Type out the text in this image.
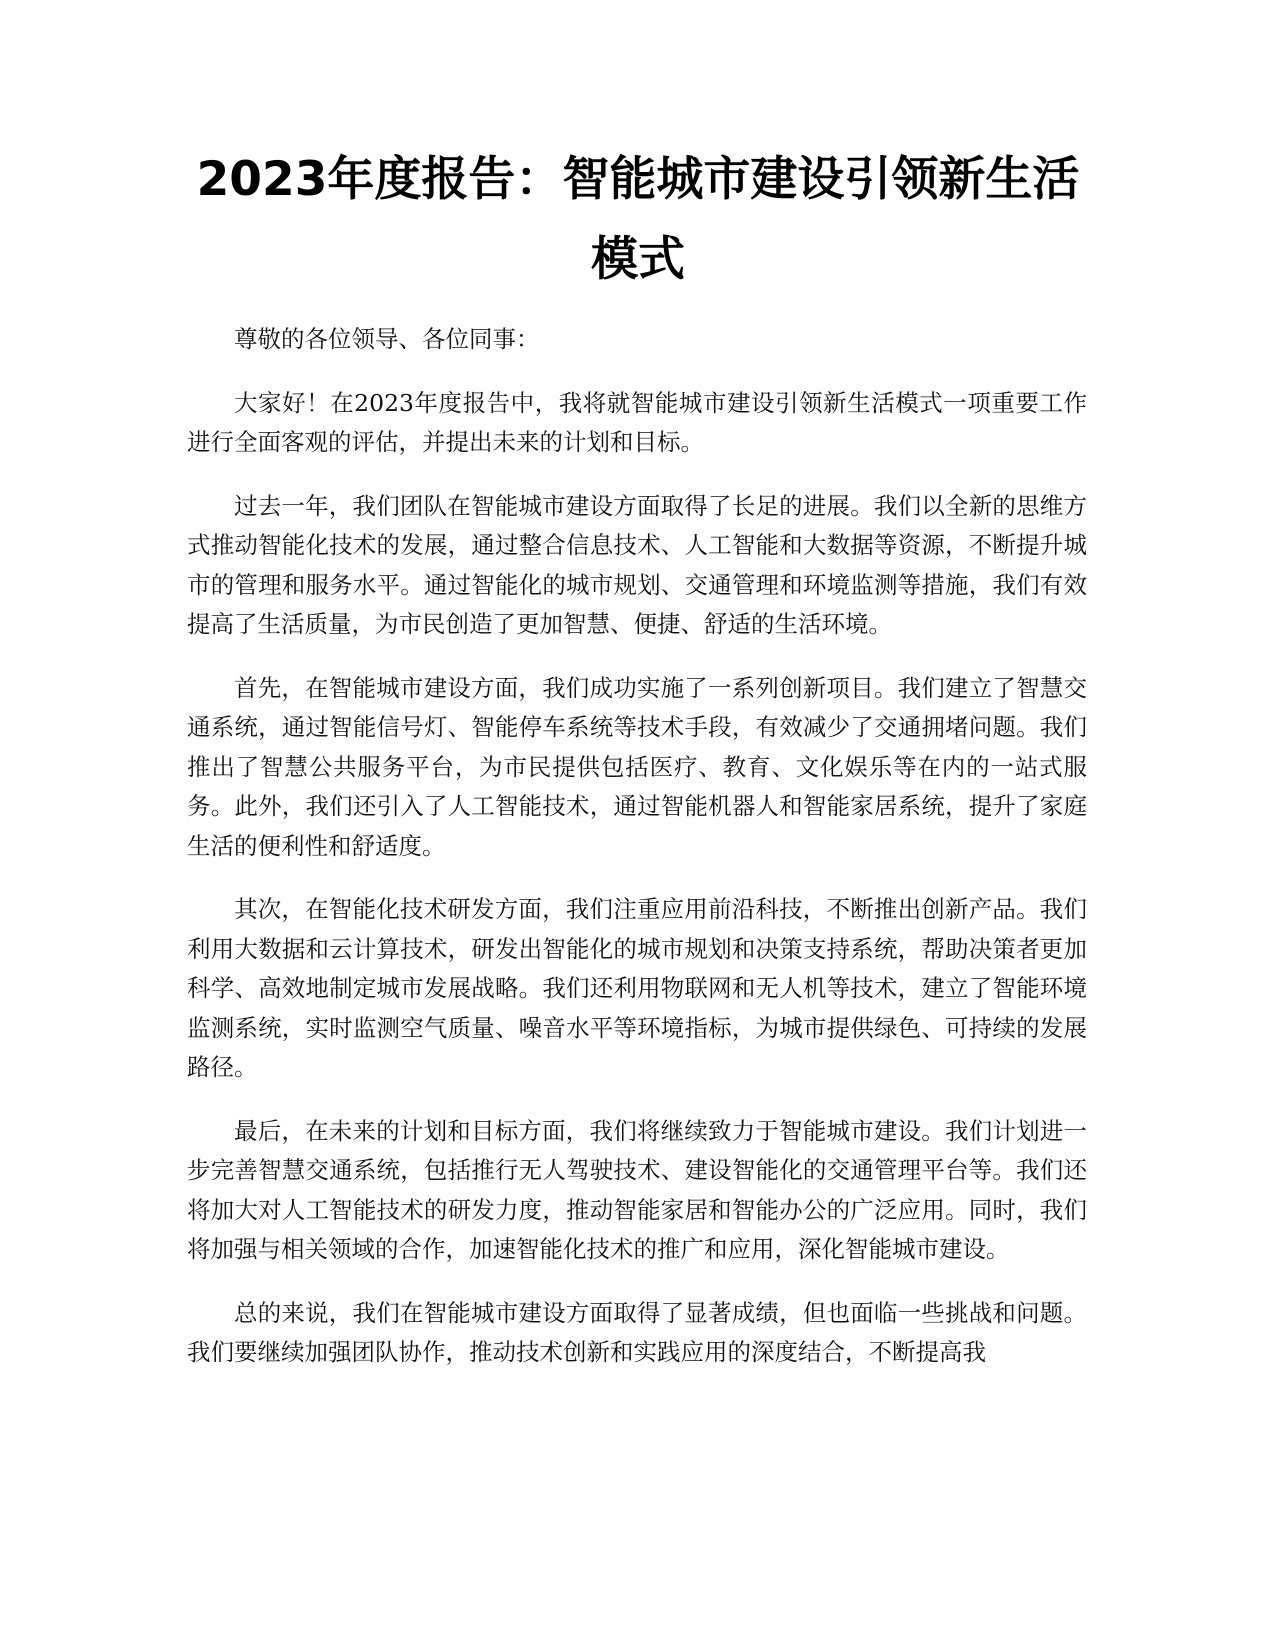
2023年度报告：智能城市建设引领新生活模式

尊敬的各位领导、各位同事：

大家好！在2023年度报告中，我将就智能城市建设引领新生活模式一项重要工作进行全面客观的评估，并提出未来的计划和目标。

过去一年，我们团队在智能城市建设方面取得了长足的进展。我们以全新的思维方式推动智能化技术的发展，通过整合信息技术、人工智能和大数据等资源，不断提升城市的管理和服务水平。通过智能化的城市规划、交通管理和环境监测等措施，我们有效提高了生活质量，为市民创造了更加智慧、便捷、舒适的生活环境。

首先，在智能城市建设方面，我们成功实施了一系列创新项目。我们建立了智慧交通系统，通过智能信号灯、智能停车系统等技术手段，有效减少了交通拥堵问题。我们推出了智慧公共服务平台，为市民提供包括医疗、教育、文化娱乐等在内的一站式服务。此外，我们还引入了人工智能技术，通过智能机器人和智能家居系统，提升了家庭生活的便利性和舒适度。

其次，在智能化技术研发方面，我们注重应用前沿科技，不断推出创新产品。我们利用大数据和云计算技术，研发出智能化的城市规划和决策支持系统，帮助决策者更加科学、高效地制定城市发展战略。我们还利用物联网和无人机等技术，建立了智能环境监测系统，实时监测空气质量、噪音水平等环境指标，为城市提供绿色、可持续的发展路径。

最后，在未来的计划和目标方面，我们将继续致力于智能城市建设。我们计划进一步完善智慧交通系统，包括推行无人驾驶技术、建设智能化的交通管理平台等。我们还将加大对人工智能技术的研发力度，推动智能家居和智能办公的广泛应用。同时，我们将加强与相关领域的合作，加速智能化技术的推广和应用，深化智能城市建设。

总的来说，我们在智能城市建设方面取得了显著成绩，但也面临一些挑战和问题。我们要继续加强团队协作，推动技术创新和实践应用的深度结合，不断提高我
